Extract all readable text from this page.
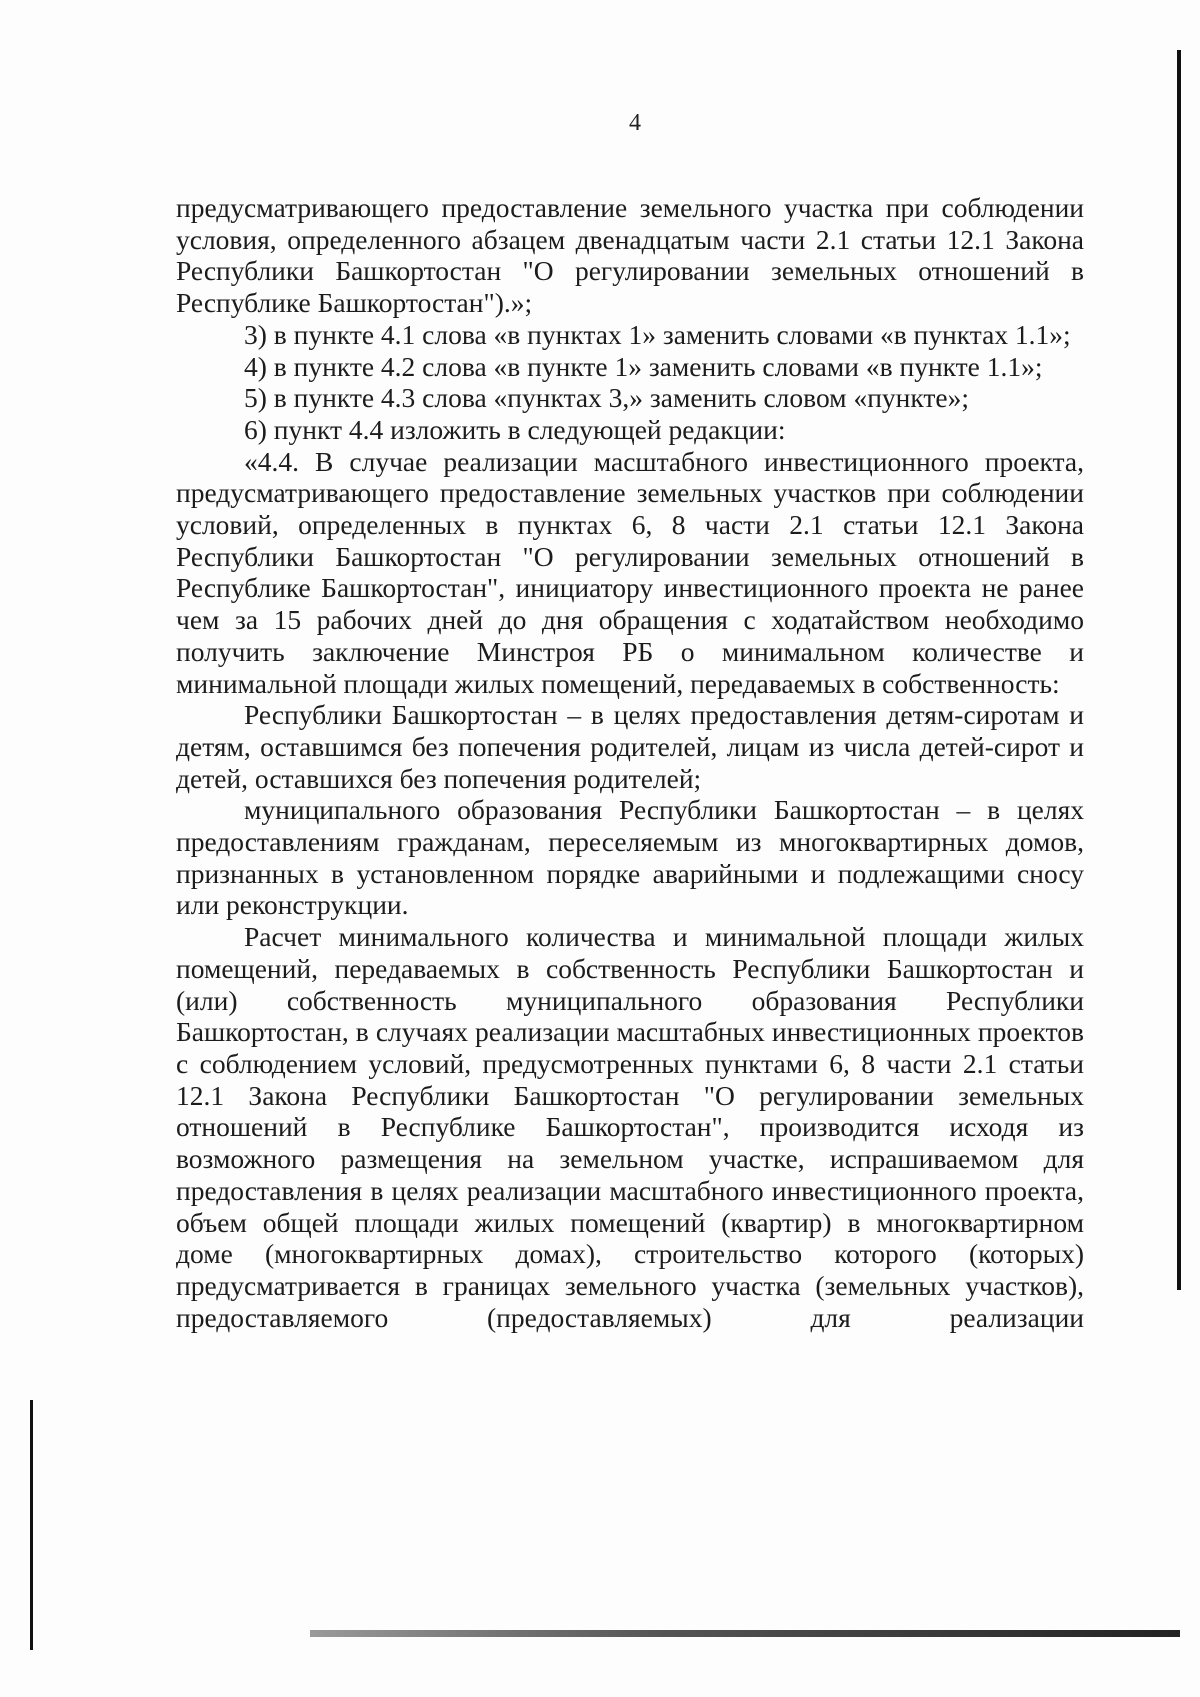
4

предусматривающего предоставление земельного участка при соблюдении условия, определенного абзацем двенадцатым части 2.1 статьи 12.1 Закона Республики Башкортостан "О регулировании земельных отношений в Республике Башкортостан").»;

3) в пункте 4.1 слова «в пунктах 1» заменить словами «в пунктах 1.1»;

4) в пункте 4.2 слова «в пункте 1» заменить словами «в пункте 1.1»;

5) в пункте 4.3 слова «пунктах 3,» заменить словом «пункте»;

6) пункт 4.4 изложить в следующей редакции:

«4.4. В случае реализации масштабного инвестиционного проекта, предусматривающего предоставление земельных участков при соблюдении условий, определенных в пунктах 6, 8 части 2.1 статьи 12.1 Закона Республики Башкортостан "О регулировании земельных отношений в Республике Башкортостан", инициатору инвестиционного проекта не ранее чем за 15 рабочих дней до дня обращения с ходатайством необходимо получить заключение Минстроя РБ о минимальном количестве и минимальной площади жилых помещений, передаваемых в собственность:

Республики Башкортостан – в целях предоставления детям-сиротам и детям, оставшимся без попечения родителей, лицам из числа детей-сирот и детей, оставшихся без попечения родителей;

муниципального образования Республики Башкортостан – в целях предоставлениям гражданам, переселяемым из многоквартирных домов, признанных в установленном порядке аварийными и подлежащими сносу или реконструкции.

Расчет минимального количества и минимальной площади жилых помещений, передаваемых в собственность Республики Башкортостан и (или) собственность муниципального образования Республики Башкортостан, в случаях реализации масштабных инвестиционных проектов с соблюдением условий, предусмотренных пунктами 6, 8 части 2.1 статьи 12.1 Закона Республики Башкортостан "О регулировании земельных отношений в Республике Башкортостан", производится исходя из возможного размещения на земельном участке, испрашиваемом для предоставления в целях реализации масштабного инвестиционного проекта, объем общей площади жилых помещений (квартир) в многоквартирном доме (многоквартирных домах), строительство которого (которых) предусматривается в границах земельного участка (земельных участков), предоставляемого (предоставляемых) для реализации
